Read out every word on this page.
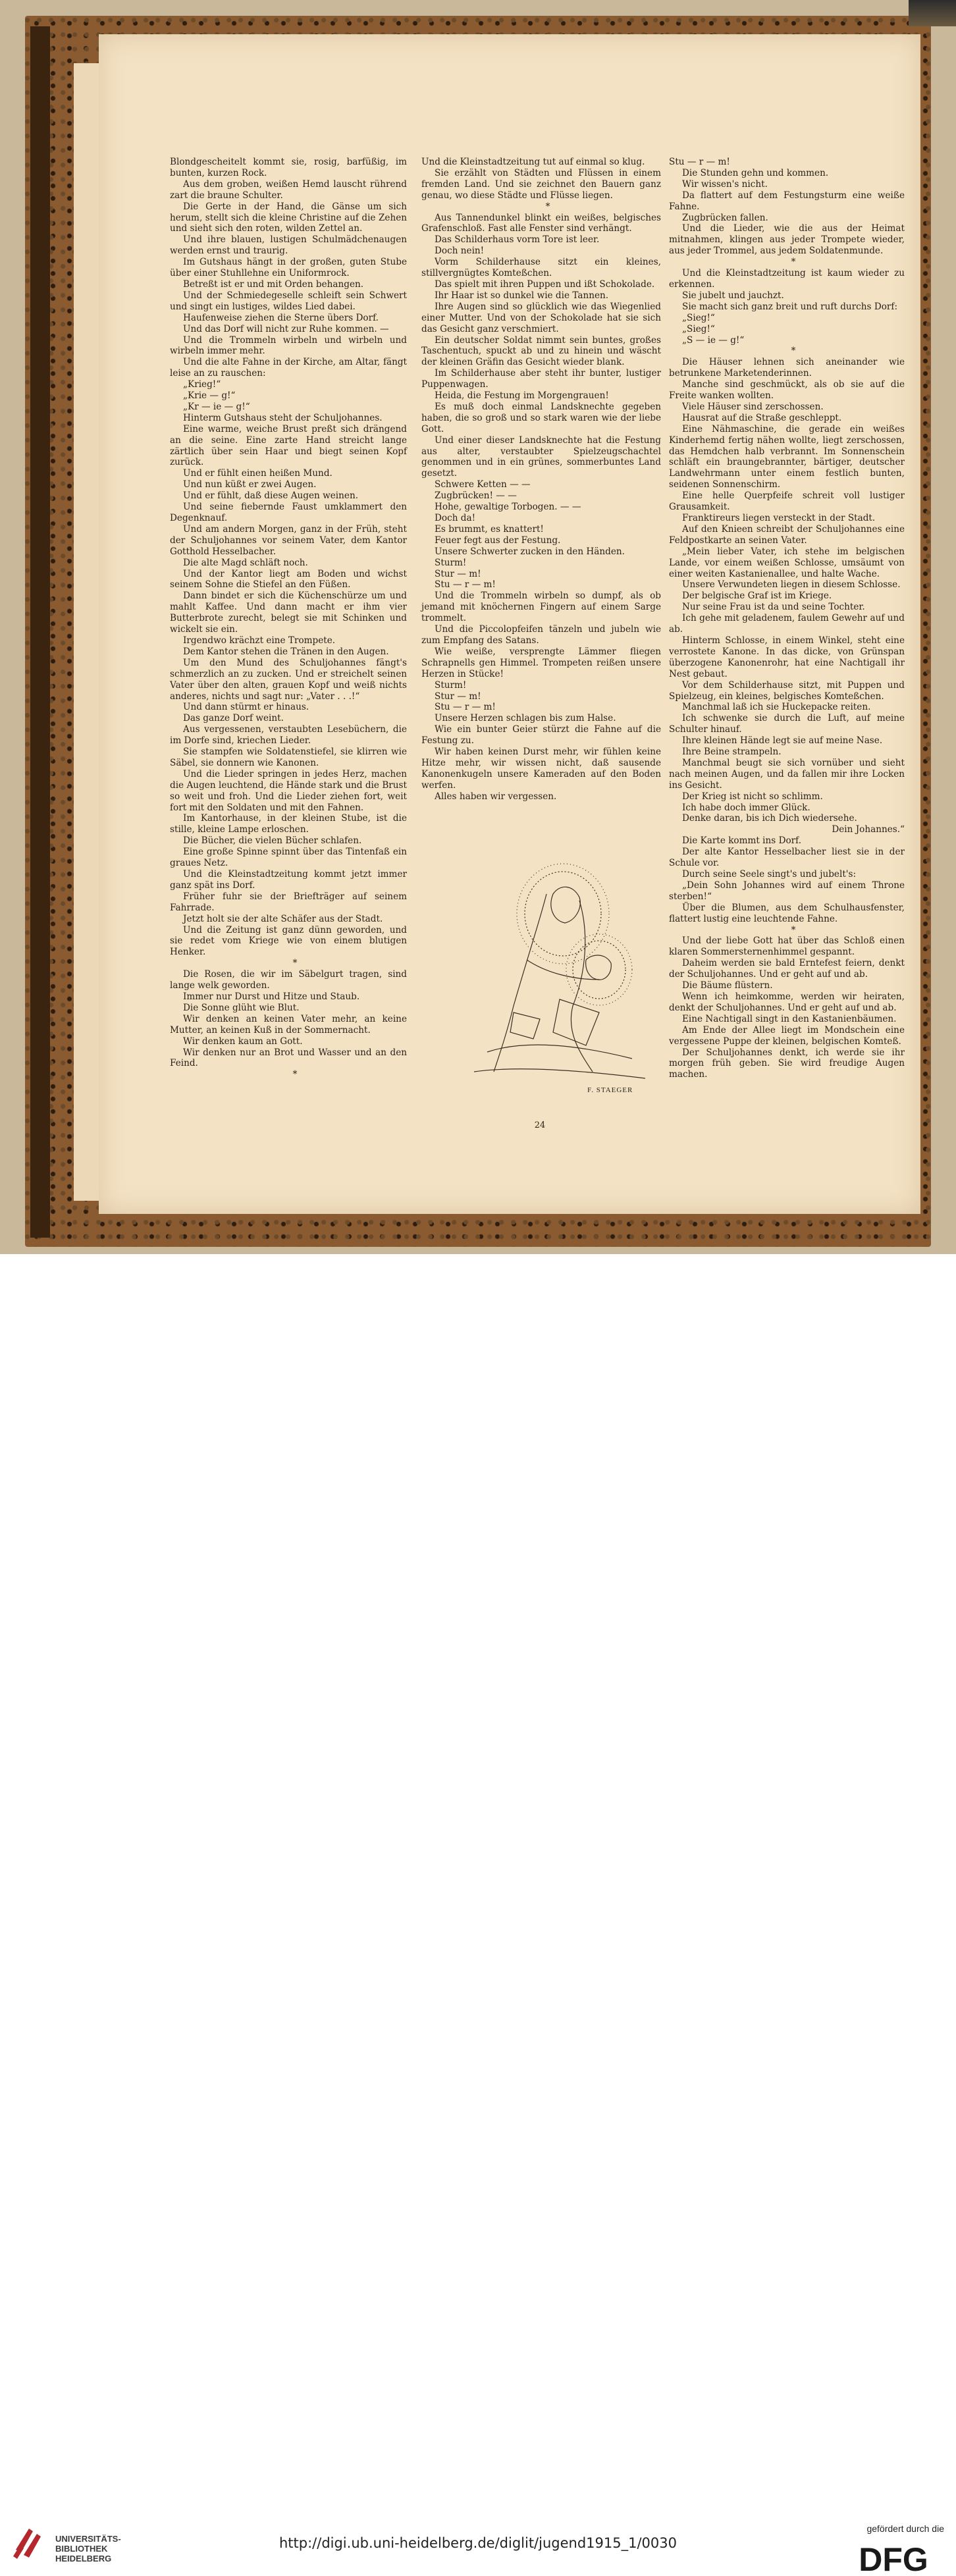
Blondgescheitelt kommt sie, rosig, barfüßig, im bunten, kurzen Rock.

Aus dem groben, weißen Hemd lauscht rührend zart die braune Schulter.

Die Gerte in der Hand, die Gänse um sich herum, stellt sich die kleine Christine auf die Zehen und sieht sich den roten, wilden Zettel an.

Und ihre blauen, lustigen Schulmädchenaugen werden ernst und traurig.

Im Gutshaus hängt in der großen, guten Stube über einer Stuhllehne ein Uniformrock.

Betreßt ist er und mit Orden behangen.

Und der Schmiedegeselle schleift sein Schwert und singt ein lustiges, wildes Lied dabei.

Haufenweise ziehen die Sterne übers Dorf.

Und das Dorf will nicht zur Ruhe kommen. —

Und die Trommeln wirbeln und wirbeln und wirbeln immer mehr.

Und die alte Fahne in der Kirche, am Altar, fängt leise an zu rauschen:

„Krieg!“

„Krie — g!“

„Kr — ie — g!“

Hinterm Gutshaus steht der Schuljohannes.

Eine warme, weiche Brust preßt sich drängend an die seine. Eine zarte Hand streicht lange zärtlich über sein Haar und biegt seinen Kopf zurück.

Und er fühlt einen heißen Mund.

Und nun küßt er zwei Augen.

Und er fühlt, daß diese Augen weinen.

Und seine fiebernde Faust umklammert den Degenknauf.

Und am andern Morgen, ganz in der Früh, steht der Schuljohannes vor seinem Vater, dem Kantor Gotthold Hesselbacher.

Die alte Magd schläft noch.

Und der Kantor liegt am Boden und wichst seinem Sohne die Stiefel an den Füßen.

Dann bindet er sich die Küchenschürze um und mahlt Kaffee. Und dann macht er ihm vier Butterbrote zurecht, belegt sie mit Schinken und wickelt sie ein.

Irgendwo krächzt eine Trompete.

Dem Kantor stehen die Tränen in den Augen.

Um den Mund des Schuljohannes fängt's schmerzlich an zu zucken. Und er streichelt seinen Vater über den alten, grauen Kopf und weiß nichts anderes, nichts und sagt nur: „Vater . . .!“

Und dann stürmt er hinaus.

Das ganze Dorf weint.

Aus vergessenen, verstaubten Lesebüchern, die im Dorfe sind, kriechen Lieder.

Sie stampfen wie Soldatenstiefel, sie klirren wie Säbel, sie donnern wie Kanonen.

Und die Lieder springen in jedes Herz, machen die Augen leuchtend, die Hände stark und die Brust so weit und froh. Und die Lieder ziehen fort, weit fort mit den Soldaten und mit den Fahnen.

Im Kantorhause, in der kleinen Stube, ist die stille, kleine Lampe erloschen.

Die Bücher, die vielen Bücher schlafen.

Eine große Spinne spinnt über das Tintenfaß ein graues Netz.

Und die Kleinstadtzeitung kommt jetzt immer ganz spät ins Dorf.

Früher fuhr sie der Briefträger auf seinem Fahrrade.

Jetzt holt sie der alte Schäfer aus der Stadt.

Und die Zeitung ist ganz dünn geworden, und sie redet vom Kriege wie von einem blutigen Henker.

*

Die Rosen, die wir im Säbelgurt tragen, sind lange welk geworden.

Immer nur Durst und Hitze und Staub.

Die Sonne glüht wie Blut.

Wir denken an keinen Vater mehr, an keine Mutter, an keinen Kuß in der Sommernacht.

Wir denken kaum an Gott.

Wir denken nur an Brot und Wasser und an den Feind.

*

Und die Kleinstadtzeitung tut auf einmal so klug.

Sie erzählt von Städten und Flüssen in einem fremden Land. Und sie zeichnet den Bauern ganz genau, wo diese Städte und Flüsse liegen.

*

Aus Tannendunkel blinkt ein weißes, belgisches Grafenschloß. Fast alle Fenster sind verhängt.

Das Schilderhaus vorm Tore ist leer.

Doch nein!

Vorm Schilderhause sitzt ein kleines, stillvergnügtes Komteßchen.

Das spielt mit ihren Puppen und ißt Schokolade.

Ihr Haar ist so dunkel wie die Tannen.

Ihre Augen sind so glücklich wie das Wiegenlied einer Mutter. Und von der Schokolade hat sie sich das Gesicht ganz verschmiert.

Ein deutscher Soldat nimmt sein buntes, großes Taschentuch, spuckt ab und zu hinein und wäscht der kleinen Gräfin das Gesicht wieder blank.

Im Schilderhause aber steht ihr bunter, lustiger Puppenwagen.

Heida, die Festung im Morgengrauen!

Es muß doch einmal Landsknechte gegeben haben, die so groß und so stark waren wie der liebe Gott.

Und einer dieser Landsknechte hat die Festung aus alter, verstaubter Spielzeugschachtel genommen und in ein grünes, sommerbuntes Land gesetzt.

Schwere Ketten — —

Zugbrücken! — —

Hohe, gewaltige Torbogen. — —

Doch da!

Es brummt, es knattert!

Feuer fegt aus der Festung.

Unsere Schwerter zucken in den Händen.

Sturm!

Stur — m!

Stu — r — m!

Und die Trommeln wirbeln so dumpf, als ob jemand mit knöchernen Fingern auf einem Sarge trommelt.

Und die Piccolopfeifen tänzeln und jubeln wie zum Empfang des Satans.

Wie weiße, versprengte Lämmer fliegen Schrapnells gen Himmel. Trompeten reißen unsere Herzen in Stücke!

Sturm!

Stur — m!

Stu — r — m!

Unsere Herzen schlagen bis zum Halse.

Wie ein bunter Geier stürzt die Fahne auf die Festung zu.

Wir haben keinen Durst mehr, wir fühlen keine Hitze mehr, wir wissen nicht, daß sausende Kanonenkugeln unsere Kameraden auf den Boden werfen.

Alles haben wir vergessen.

Stu — r — m!

Die Stunden gehn und kommen.

Wir wissen's nicht.

Da flattert auf dem Festungsturm eine weiße Fahne.

Zugbrücken fallen.

Und die Lieder, wie die aus der Heimat mitnahmen, klingen aus jeder Trompete wieder, aus jeder Trommel, aus jedem Soldatenmunde.

*

Und die Kleinstadtzeitung ist kaum wieder zu erkennen.

Sie jubelt und jauchzt.

Sie macht sich ganz breit und ruft durchs Dorf:

„Sieg!“

„Sieg!“

„S — ie — g!“

*

Die Häuser lehnen sich aneinander wie betrunkene Marketenderinnen.

Manche sind geschmückt, als ob sie auf die Freite wanken wollten.

Viele Häuser sind zerschossen.

Hausrat auf die Straße geschleppt.

Eine Nähmaschine, die gerade ein weißes Kinderhemd fertig nähen wollte, liegt zerschossen, das Hemdchen halb verbrannt. Im Sonnenschein schläft ein braungebrannter, bärtiger, deutscher Landwehrmann unter einem festlich bunten, seidenen Sonnenschirm.

Eine helle Querpfeife schreit voll lustiger Grausamkeit.

Franktireurs liegen versteckt in der Stadt.

Auf den Knieen schreibt der Schuljohannes eine Feldpostkarte an seinen Vater.

„Mein lieber Vater, ich stehe im belgischen Lande, vor einem weißen Schlosse, umsäumt von einer weiten Kastanienallee, und halte Wache.

Unsere Verwundeten liegen in diesem Schlosse.

Der belgische Graf ist im Kriege.

Nur seine Frau ist da und seine Tochter.

Ich gehe mit geladenem, faulem Gewehr auf und ab.

Hinterm Schlosse, in einem Winkel, steht eine verrostete Kanone. In das dicke, von Grünspan überzogene Kanonenrohr, hat eine Nachtigall ihr Nest gebaut.

Vor dem Schilderhause sitzt, mit Puppen und Spielzeug, ein kleines, belgisches Komteßchen.

Manchmal laß ich sie Huckepacke reiten.

Ich schwenke sie durch die Luft, auf meine Schulter hinauf.

Ihre kleinen Hände legt sie auf meine Nase.

Ihre Beine strampeln.

Manchmal beugt sie sich vornüber und sieht nach meinen Augen, und da fallen mir ihre Locken ins Gesicht.

Der Krieg ist nicht so schlimm.

Ich habe doch immer Glück.

Denke daran, bis ich Dich wiedersehe.

Dein Johannes.“

Die Karte kommt ins Dorf.

Der alte Kantor Hesselbacher liest sie in der Schule vor.

Durch seine Seele singt's und jubelt's:

„Dein Sohn Johannes wird auf einem Throne sterben!“

Über die Blumen, aus dem Schulhausfenster, flattert lustig eine leuchtende Fahne.

*

Und der liebe Gott hat über das Schloß einen klaren Sommersternenhimmel gespannt.

Daheim werden sie bald Erntefest feiern, denkt der Schuljohannes. Und er geht auf und ab.

Die Bäume flüstern.

Wenn ich heimkomme, werden wir heiraten, denkt der Schuljohannes. Und er geht auf und ab.

Eine Nachtigall singt in den Kastanienbäumen.

Am Ende der Allee liegt im Mondschein eine vergessene Puppe der kleinen, belgischen Komteß.

Der Schuljohannes denkt, ich werde sie ihr morgen früh geben. Sie wird freudige Augen machen.

F. STAEGER
24
UNIVERSITÄTS-
BIBLIOTHEK
HEIDELBERG
http://digi.ub.uni-heidelberg.de/diglit/jugend1915_1/0030
gefördert durch die
DFG
